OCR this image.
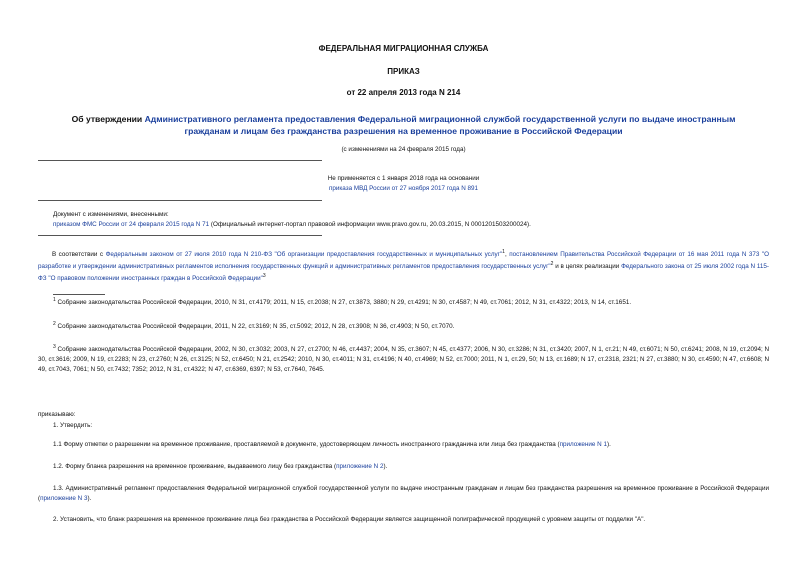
ФЕДЕРАЛЬНАЯ МИГРАЦИОННАЯ СЛУЖБА
ПРИКАЗ
от 22 апреля 2013 года N 214
Об утверждении Административного регламента предоставления Федеральной миграционной службой государственной услуги по выдаче иностранным гражданам и лицам без гражданства разрешения на временное проживание в Российской Федерации
(с изменениями на 24 февраля 2015 года)
Не применяется с 1 января 2018 года на основании
приказа МВД России от 27 ноября 2017 года N 891
Документ с изменениями, внесенными:
приказом ФМС России от 24 февраля 2015 года N 71 (Официальный интернет-портал правовой информации www.pravo.gov.ru, 20.03.2015, N 0001201503200024).
В соответствии с Федеральным законом от 27 июля 2010 года N 210-ФЗ "Об организации предоставления государственных и муниципальных услуг"$^1$, постановлением Правительства Российской Федерации от 16 мая 2011 года N 373 "О разработке и утверждении административных регламентов исполнения государственных функций и административных регламентов предоставления государственных услуг"$^2$ и в целях реализации Федерального закона от 25 июля 2002 года N 115-ФЗ "О правовом положении иностранных граждан в Российской Федерации"$^3$
$^1$ Собрание законодательства Российской Федерации, 2010, N 31, ст.4179; 2011, N 15, ст.2038; N 27, ст.3873, 3880; N 29, ст.4291; N 30, ст.4587; N 49, ст.7061; 2012, N 31, ст.4322; 2013, N 14, ст.1651.
$^2$ Собрание законодательства Российской Федерации, 2011, N 22, ст.3169; N 35, ст.5092; 2012, N 28, ст.3908; N 36, ст.4903; N 50, ст.7070.
$^3$ Собрание законодательства Российской Федерации, 2002, N 30, ст.3032; 2003, N 27, ст.2700; N 46, ст.4437; 2004, N 35, ст.3607; N 45, ст.4377; 2006, N 30, ст.3286; N 31, ст.3420; 2007, N 1, ст.21; N 49, ст.6071; N 50, ст.6241; 2008, N 19, ст.2094; N 30, ст.3616; 2009, N 19, ст.2283; N 23, ст.2760; N 26, ст.3125; N 52, ст.6450; N 21, ст.2542; 2010, N 30, ст.4011; N 31, ст.4196; N 40, ст.4969; N 52, ст.7000; 2011, N 1, ст.29, 50; N 13, ст.1689; N 17, ст.2318, 2321; N 27, ст.3880; N 30, ст.4590; N 47, ст.6608; N 49, ст.7043, 7061; N 50, ст.7432; 7352; 2012, N 31, ст.4322; N 47, ст.6369, 6397; N 53, ст.7640, 7645.
приказываю:
1. Утвердить:
1.1 Форму отметки о разрешении на временное проживание, проставляемой в документе, удостоверяющем личность иностранного гражданина или лица без гражданства (приложение N 1).
1.2. Форму бланка разрешения на временное проживание, выдаваемого лицу без гражданства (приложение N 2).
1.3. Административный регламент предоставления Федеральной миграционной службой государственной услуги по выдаче иностранным гражданам и лицам без гражданства разрешения на временное проживание в Российской Федерации (приложение N 3).
2. Установить, что бланк разрешения на временное проживание лица без гражданства в Российской Федерации является защищенной полиграфической продукцией с уровнем защиты от подделки "А".
